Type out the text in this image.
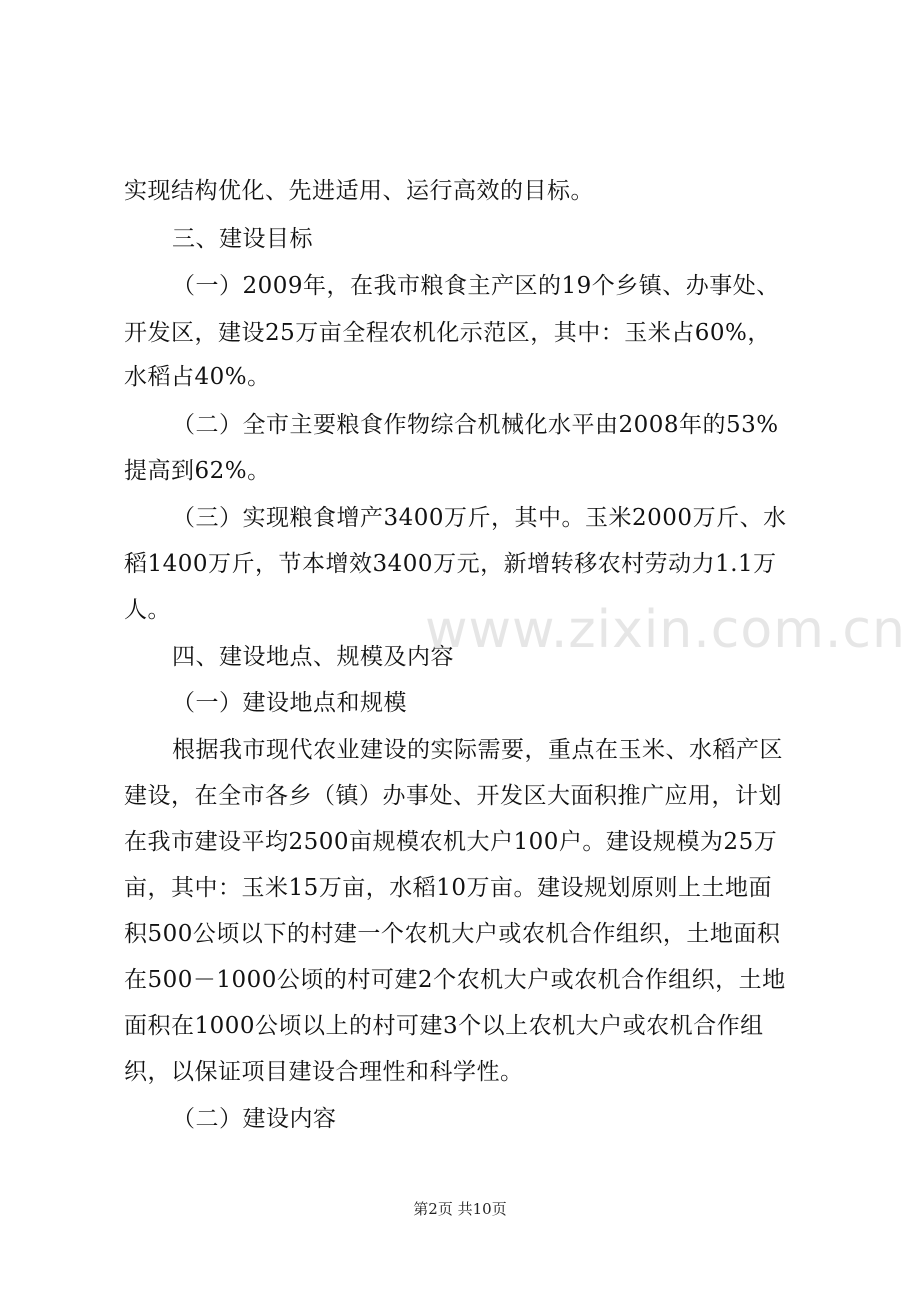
实现结构优化、先进适用、运行高效的目标。
三、建设目标
（一）2009年，在我市粮食主产区的19个乡镇、办事处、
开发区，建设25万亩全程农机化示范区，其中：玉米占60%，
水稻占40%。
（二）全市主要粮食作物综合机械化水平由2008年的53%
提高到62%。
（三）实现粮食增产3400万斤，其中。玉米2000万斤、水
稻1400万斤，节本增效3400万元，新增转移农村劳动力1.1万
人。
四、建设地点、规模及内容
（一）建设地点和规模
根据我市现代农业建设的实际需要，重点在玉米、水稻产区
建设，在全市各乡（镇）办事处、开发区大面积推广应用，计划
在我市建设平均2500亩规模农机大户100户。建设规模为25万
亩，其中：玉米15万亩，水稻10万亩。建设规划原则上土地面
积500公顷以下的村建一个农机大户或农机合作组织，土地面积
在500－1000公顷的村可建2个农机大户或农机合作组织，土地
面积在1000公顷以上的村可建3个以上农机大户或农机合作组
织，以保证项目建设合理性和科学性。
（二）建设内容
www.zixin.com.cn
第2页 共10页
